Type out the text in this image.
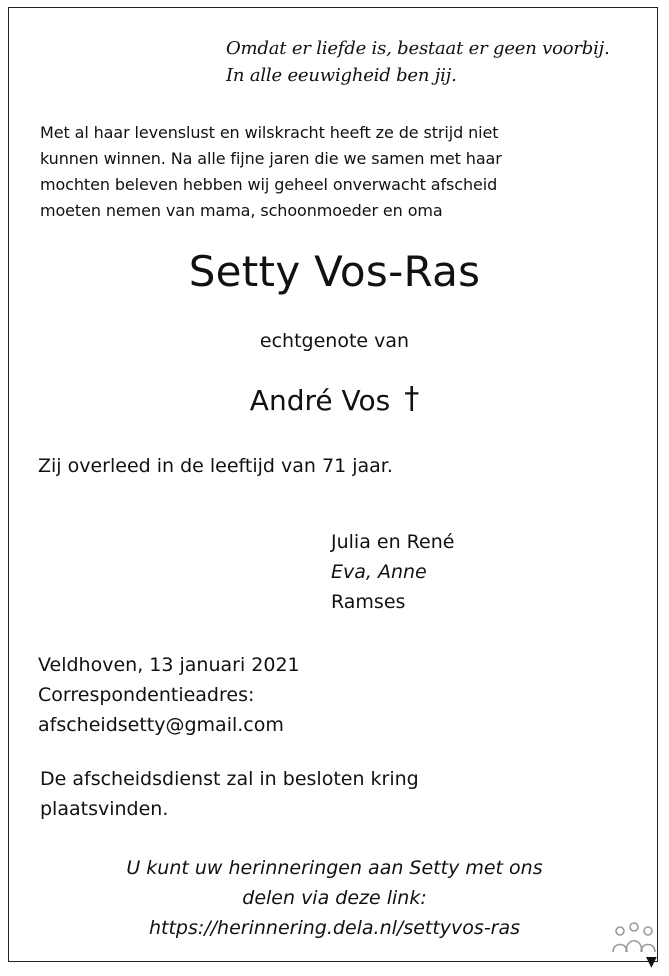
Omdat er liefde is, bestaat er geen voorbij.
In alle eeuwigheid ben jij.
Met al haar levenslust en wilskracht heeft ze de strijd niet
kunnen winnen. Na alle fijne jaren die we samen met haar
mochten beleven hebben wij geheel onverwacht afscheid
moeten nemen van mama, schoonmoeder en oma
Setty Vos-Ras
echtgenote van
André Vos †
Zij overleed in de leeftijd van 71 jaar.
Julia en René
Eva, Anne
Ramses
Veldhoven, 13 januari 2021
Correspondentieadres:
afscheidsetty@gmail.com
De afscheidsdienst zal in besloten kring
plaatsvinden.
U kunt uw herinneringen aan Setty met ons
delen via deze link:
https://herinnering.dela.nl/settyvos-ras
▼
